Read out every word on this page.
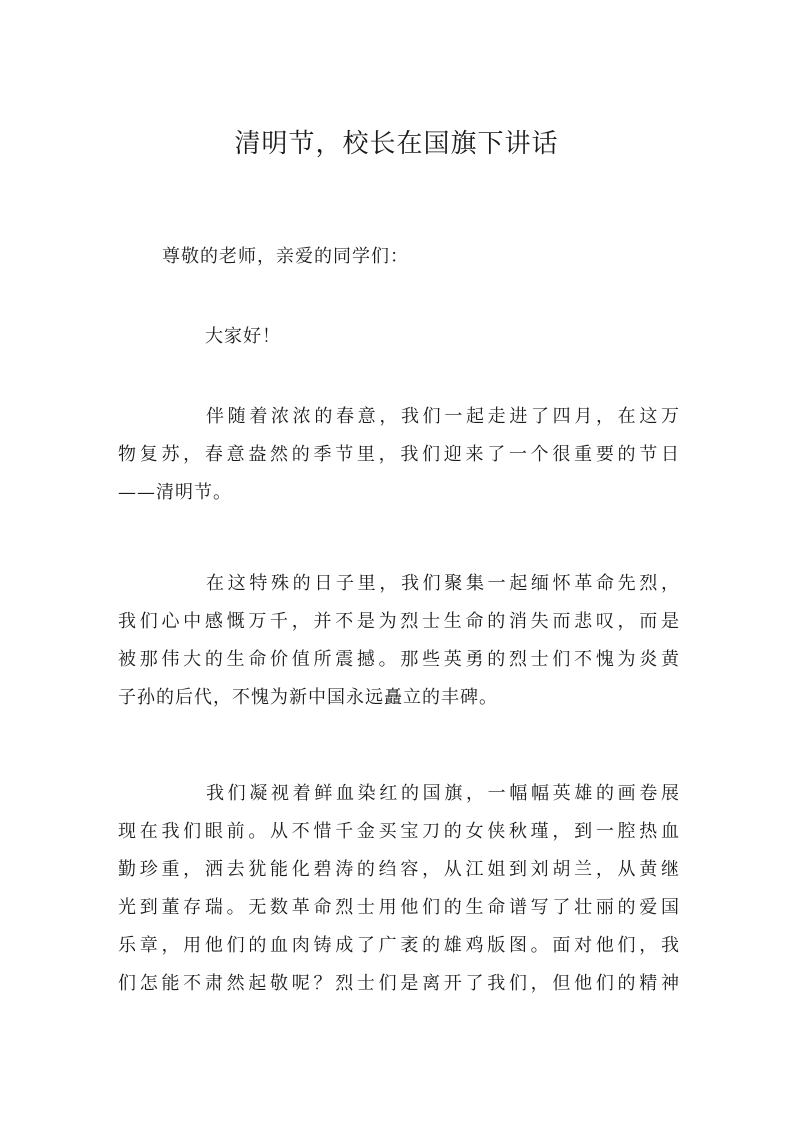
清明节，校长在国旗下讲话
尊敬的老师，亲爱的同学们：
大家好！
伴随着浓浓的春意，我们一起走进了四月，在这万
物复苏，春意盎然的季节里，我们迎来了一个很重要的节日
——清明节。
在这特殊的日子里，我们聚集一起缅怀革命先烈，
我们心中感慨万千，并不是为烈士生命的消失而悲叹，而是
被那伟大的生命价值所震撼。那些英勇的烈士们不愧为炎黄
子孙的后代，不愧为新中国永远矗立的丰碑。
我们凝视着鲜血染红的国旗，一幅幅英雄的画卷展
现在我们眼前。从不惜千金买宝刀的女侠秋瑾，到一腔热血
勤珍重，洒去犹能化碧涛的绉容，从江姐到刘胡兰，从黄继
光到董存瑞。无数革命烈士用他们的生命谱写了壮丽的爱国
乐章，用他们的血肉铸成了广袤的雄鸡版图。面对他们，我
们怎能不肃然起敬呢？烈士们是离开了我们，但他们的精神
